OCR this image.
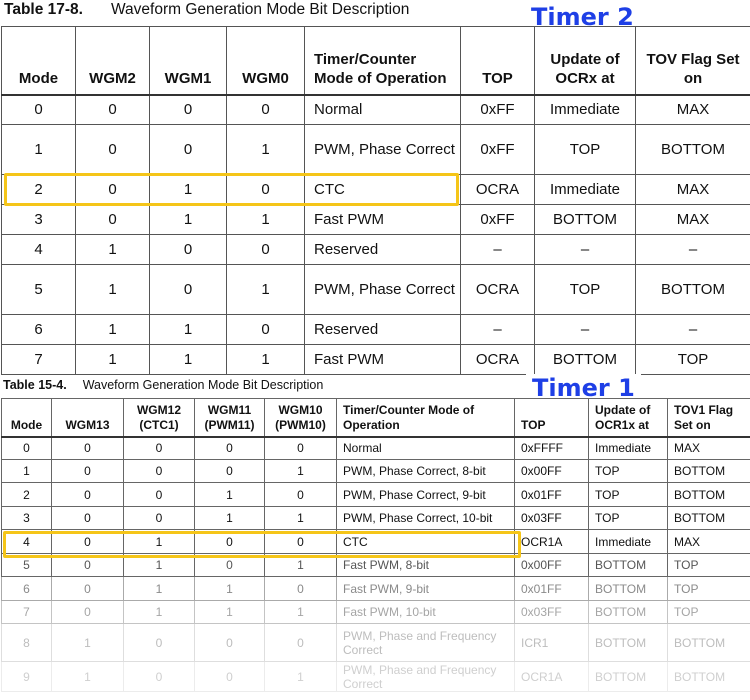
Table 17-8. Waveform Generation Mode Bit Description	Timer 2
Mode	WGM2	WGM1	WGM0	Timer/Counter Mode of Operation	TOP	Update of OCRx at	TOV Flag Set on
0	0	0	0	Normal	0xFF	Immediate	MAX
1	0	0	1	PWM, Phase Correct	0xFF	TOP	BOTTOM
2	0	1	0	CTC	OCRA	Immediate	MAX
3	0	1	1	Fast PWM	0xFF	BOTTOM	MAX
4	1	0	0	Reserved	–	–	–
5	1	0	1	PWM, Phase Correct	OCRA	TOP	BOTTOM
6	1	1	0	Reserved	–	–	–
7	1	1	1	Fast PWM	OCRA	BOTTOM	TOP
Table 15-4. Waveform Generation Mode Bit Description	Timer 1
Mode	WGM13	WGM12 (CTC1)	WGM11 (PWM11)	WGM10 (PWM10)	Timer/Counter Mode of Operation	TOP	Update of OCR1x at	TOV1 Flag Set on
0	0	0	0	0	Normal	0xFFFF	Immediate	MAX
1	0	0	0	1	PWM, Phase Correct, 8-bit	0x00FF	TOP	BOTTOM
2	0	0	1	0	PWM, Phase Correct, 9-bit	0x01FF	TOP	BOTTOM
3	0	0	1	1	PWM, Phase Correct, 10-bit	0x03FF	TOP	BOTTOM
4	0	1	0	0	CTC	OCR1A	Immediate	MAX
5	0	1	0	1	Fast PWM, 8-bit	0x00FF	BOTTOM	TOP
6	0	1	1	0	Fast PWM, 9-bit	0x01FF	BOTTOM	TOP
7	0	1	1	1	Fast PWM, 10-bit	0x03FF	BOTTOM	TOP
8	1	0	0	0	PWM, Phase and Frequency Correct	ICR1	BOTTOM	BOTTOM
9	1	0	0	1	PWM, Phase and Frequency Correct	OCR1A	BOTTOM	BOTTOM
